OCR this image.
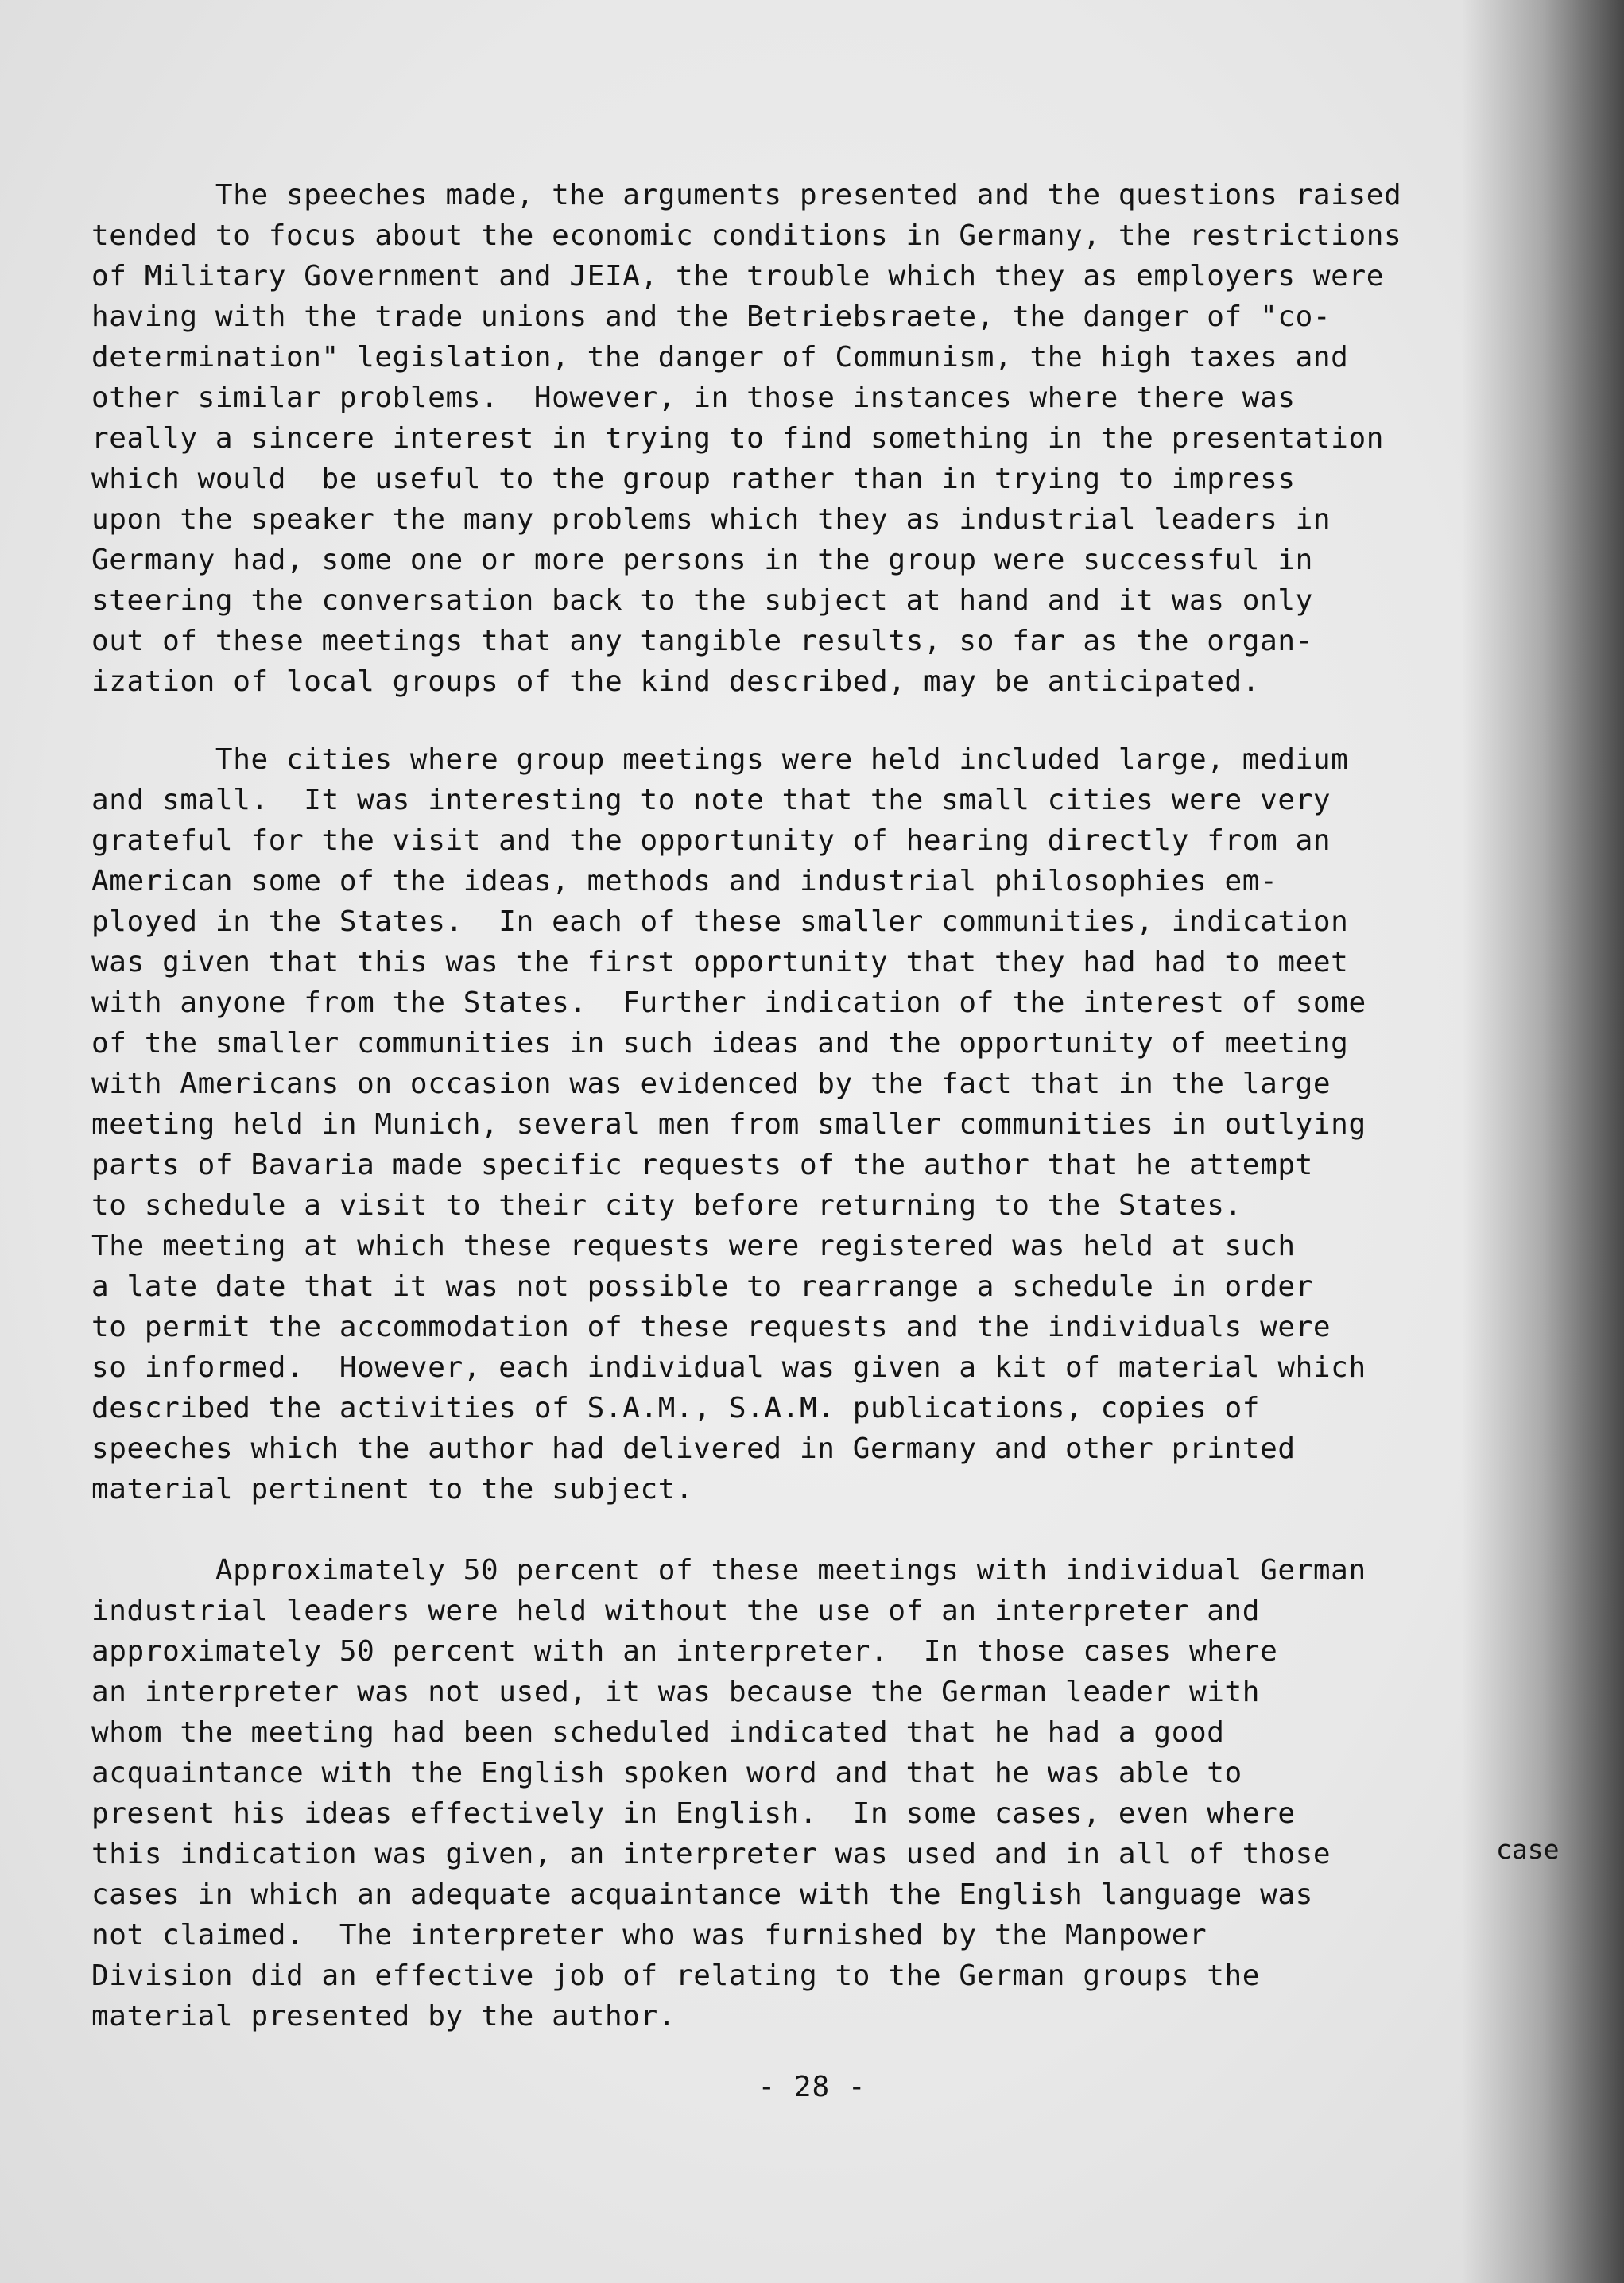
The speeches made, the arguments presented and the questions raised
tended to focus about the economic conditions in Germany, the restrictions
of Military Government and JEIA, the trouble which they as employers were
having with the trade unions and the Betriebsraete, the danger of "co-
determination" legislation, the danger of Communism, the high taxes and
other similar problems.  However, in those instances where there was
really a sincere interest in trying to find something in the presentation
which would  be useful to the group rather than in trying to impress
upon the speaker the many problems which they as industrial leaders in
Germany had, some one or more persons in the group were successful in
steering the conversation back to the subject at hand and it was only
out of these meetings that any tangible results, so far as the organ-
ization of local groups of the kind described, may be anticipated.
The cities where group meetings were held included large, medium
and small.  It was interesting to note that the small cities were very
grateful for the visit and the opportunity of hearing directly from an
American some of the ideas, methods and industrial philosophies em-
ployed in the States.  In each of these smaller communities, indication
was given that this was the first opportunity that they had had to meet
with anyone from the States.  Further indication of the interest of some
of the smaller communities in such ideas and the opportunity of meeting
with Americans on occasion was evidenced by the fact that in the large
meeting held in Munich, several men from smaller communities in outlying
parts of Bavaria made specific requests of the author that he attempt
to schedule a visit to their city before returning to the States.
The meeting at which these requests were registered was held at such
a late date that it was not possible to rearrange a schedule in order
to permit the accommodation of these requests and the individuals were
so informed.  However, each individual was given a kit of material which
described the activities of S.A.M., S.A.M. publications, copies of
speeches which the author had delivered in Germany and other printed
material pertinent to the subject.
Approximately 50 percent of these meetings with individual German
industrial leaders were held without the use of an interpreter and
approximately 50 percent with an interpreter.  In those cases where
an interpreter was not used, it was because the German leader with
whom the meeting had been scheduled indicated that he had a good
acquaintance with the English spoken word and that he was able to
present his ideas effectively in English.  In some cases, even where
this indication was given, an interpreter was used and in all of those
cases in which an adequate acquaintance with the English language was
not claimed.  The interpreter who was furnished by the Manpower
Division did an effective job of relating to the German groups the
material presented by the author.
case
- 28 -
